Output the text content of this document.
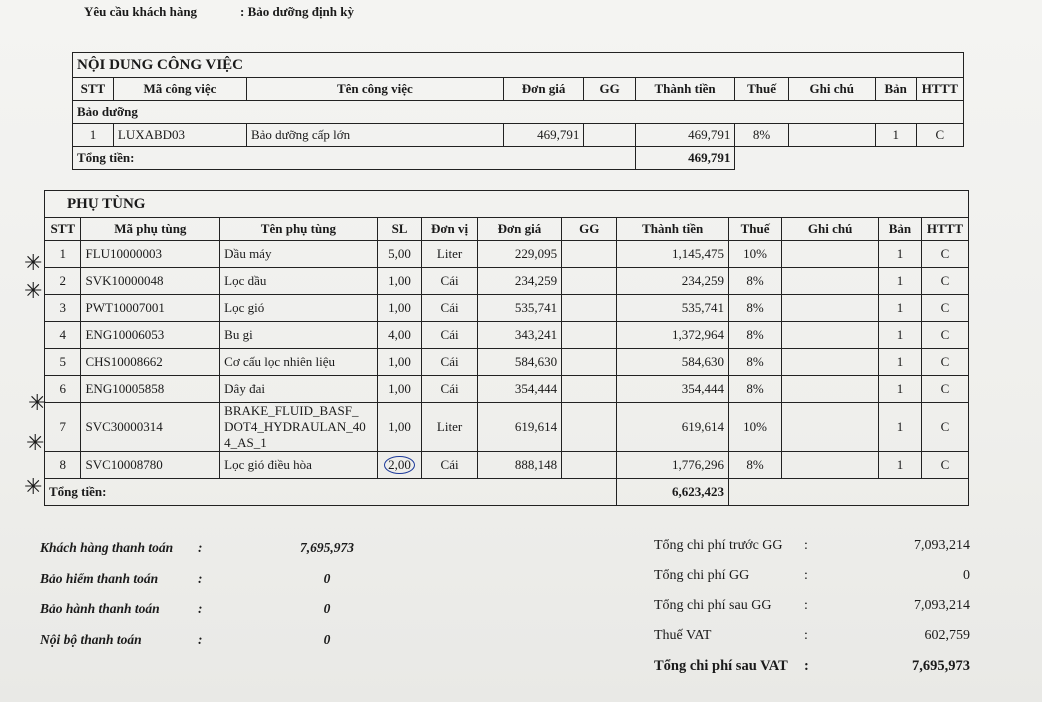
Yêu cầu khách hàng	: Bảo dưỡng định kỳ
NỘI DUNG CÔNG VIỆC									
STT	Mã công việc	Tên công việc	Đơn giá	GG	Thành tiền	Thuế	Ghi chú	Bản	HTTT
Bảo dưỡng									
1	LUXABD03	Bảo dưỡng cấp lớn	469,791		469,791	8%		1	C
Tổng tiền:					469,791				
PHỤ TÙNG											
STT	Mã phụ tùng	Tên phụ tùng	SL	Đơn vị	Đơn giá	GG	Thành tiền	Thuế	Ghi chú	Bản	HTTT
1	FLU10000003	Dầu máy	5,00	Liter	229,095		1,145,475	10%		1	C
2	SVK10000048	Lọc dầu	1,00	Cái	234,259		234,259	8%		1	C
3	PWT10007001	Lọc gió	1,00	Cái	535,741		535,741	8%		1	C
4	ENG10006053	Bu gi	4,00	Cái	343,241		1,372,964	8%		1	C
5	CHS10008662	Cơ cấu lọc nhiên liệu	1,00	Cái	584,630		584,630	8%		1	C
6	ENG10005858	Dây đai	1,00	Cái	354,444		354,444	8%		1	C
7	SVC30000314	BRAKE_FLUID_BASF_
DOT4_HYDRAULAN_40
4_AS_1	1,00	Liter	619,614		619,614	10%		1	C
8	SVC10008780	Lọc gió điều hòa	2,00	Cái	888,148		1,776,296	8%		1	C
Tổng tiền:							6,623,423				
✳
✳
✳
✳
✳
Khách hàng thanh toán :	7,695,973
Bảo hiểm thanh toán	:	0
Bảo hành thanh toán	:	0
Nội bộ thanh toán	:	0
Tổng chi phí trước GG :	7,093,214
Tổng chi phí GG	:	0
Tổng chi phí sau GG :	7,093,214
Thuế VAT	:	602,759
Tổng chi phí sau VAT :	7,695,973
